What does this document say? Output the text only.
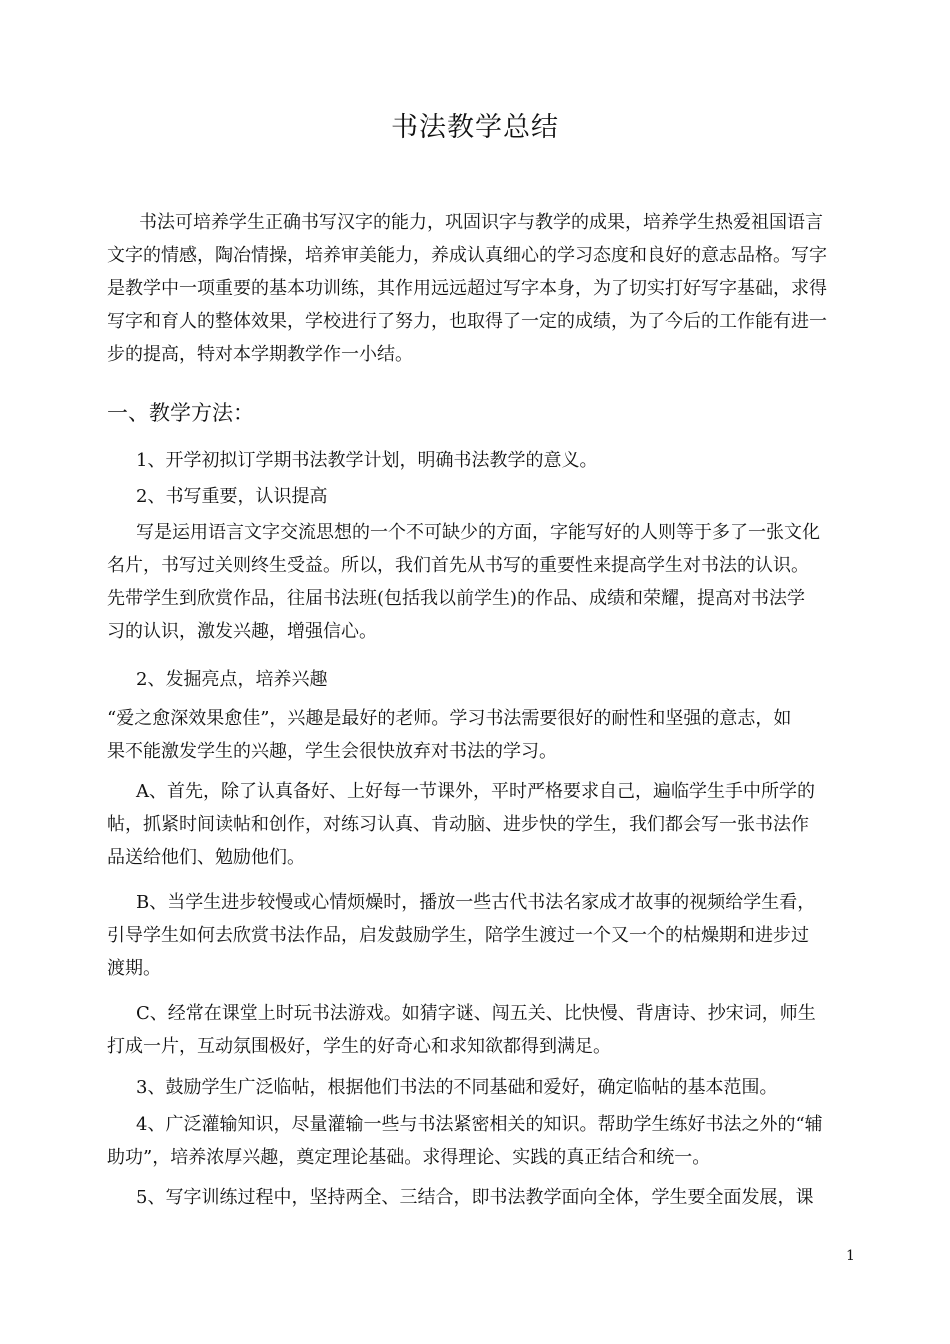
书法教学总结
书法可培养学生正确书写汉字的能力，巩固识字与教学的成果，培养学生热爱祖国语言
文字的情感，陶冶情操，培养审美能力，养成认真细心的学习态度和良好的意志品格。写字
是教学中一项重要的基本功训练，其作用远远超过写字本身，为了切实打好写字基础，求得
写字和育人的整体效果，学校进行了努力，也取得了一定的成绩，为了今后的工作能有进一
步的提高，特对本学期教学作一小结。
一、教学方法：
1、开学初拟订学期书法教学计划，明确书法教学的意义。
2、书写重要，认识提高
写是运用语言文字交流思想的一个不可缺少的方面，字能写好的人则等于多了一张文化
名片，书写过关则终生受益。所以，我们首先从书写的重要性来提高学生对书法的认识。
先带学生到欣赏作品，往届书法班(包括我以前学生)的作品、成绩和荣耀，提高对书法学
习的认识，激发兴趣，增强信心。
2、发掘亮点，培养兴趣
“爱之愈深效果愈佳”，兴趣是最好的老师。学习书法需要很好的耐性和坚强的意志，如
果不能激发学生的兴趣，学生会很快放弃对书法的学习。
A、首先，除了认真备好、上好每一节课外，平时严格要求自己，遍临学生手中所学的
帖，抓紧时间读帖和创作，对练习认真、肯动脑、进步快的学生，我们都会写一张书法作
品送给他们、勉励他们。
B、当学生进步较慢或心情烦燥时，播放一些古代书法名家成才故事的视频给学生看，
引导学生如何去欣赏书法作品，启发鼓励学生，陪学生渡过一个又一个的枯燥期和进步过
渡期。
C、经常在课堂上时玩书法游戏。如猜字谜、闯五关、比快慢、背唐诗、抄宋词，师生
打成一片，互动氛围极好，学生的好奇心和求知欲都得到满足。
3、鼓励学生广泛临帖，根据他们书法的不同基础和爱好，确定临帖的基本范围。
4、广泛灌输知识，尽量灌输一些与书法紧密相关的知识。帮助学生练好书法之外的“辅
助功”，培养浓厚兴趣，奠定理论基础。求得理论、实践的真正结合和统一。
5、写字训练过程中，坚持两全、三结合，即书法教学面向全体，学生要全面发展，课
1
